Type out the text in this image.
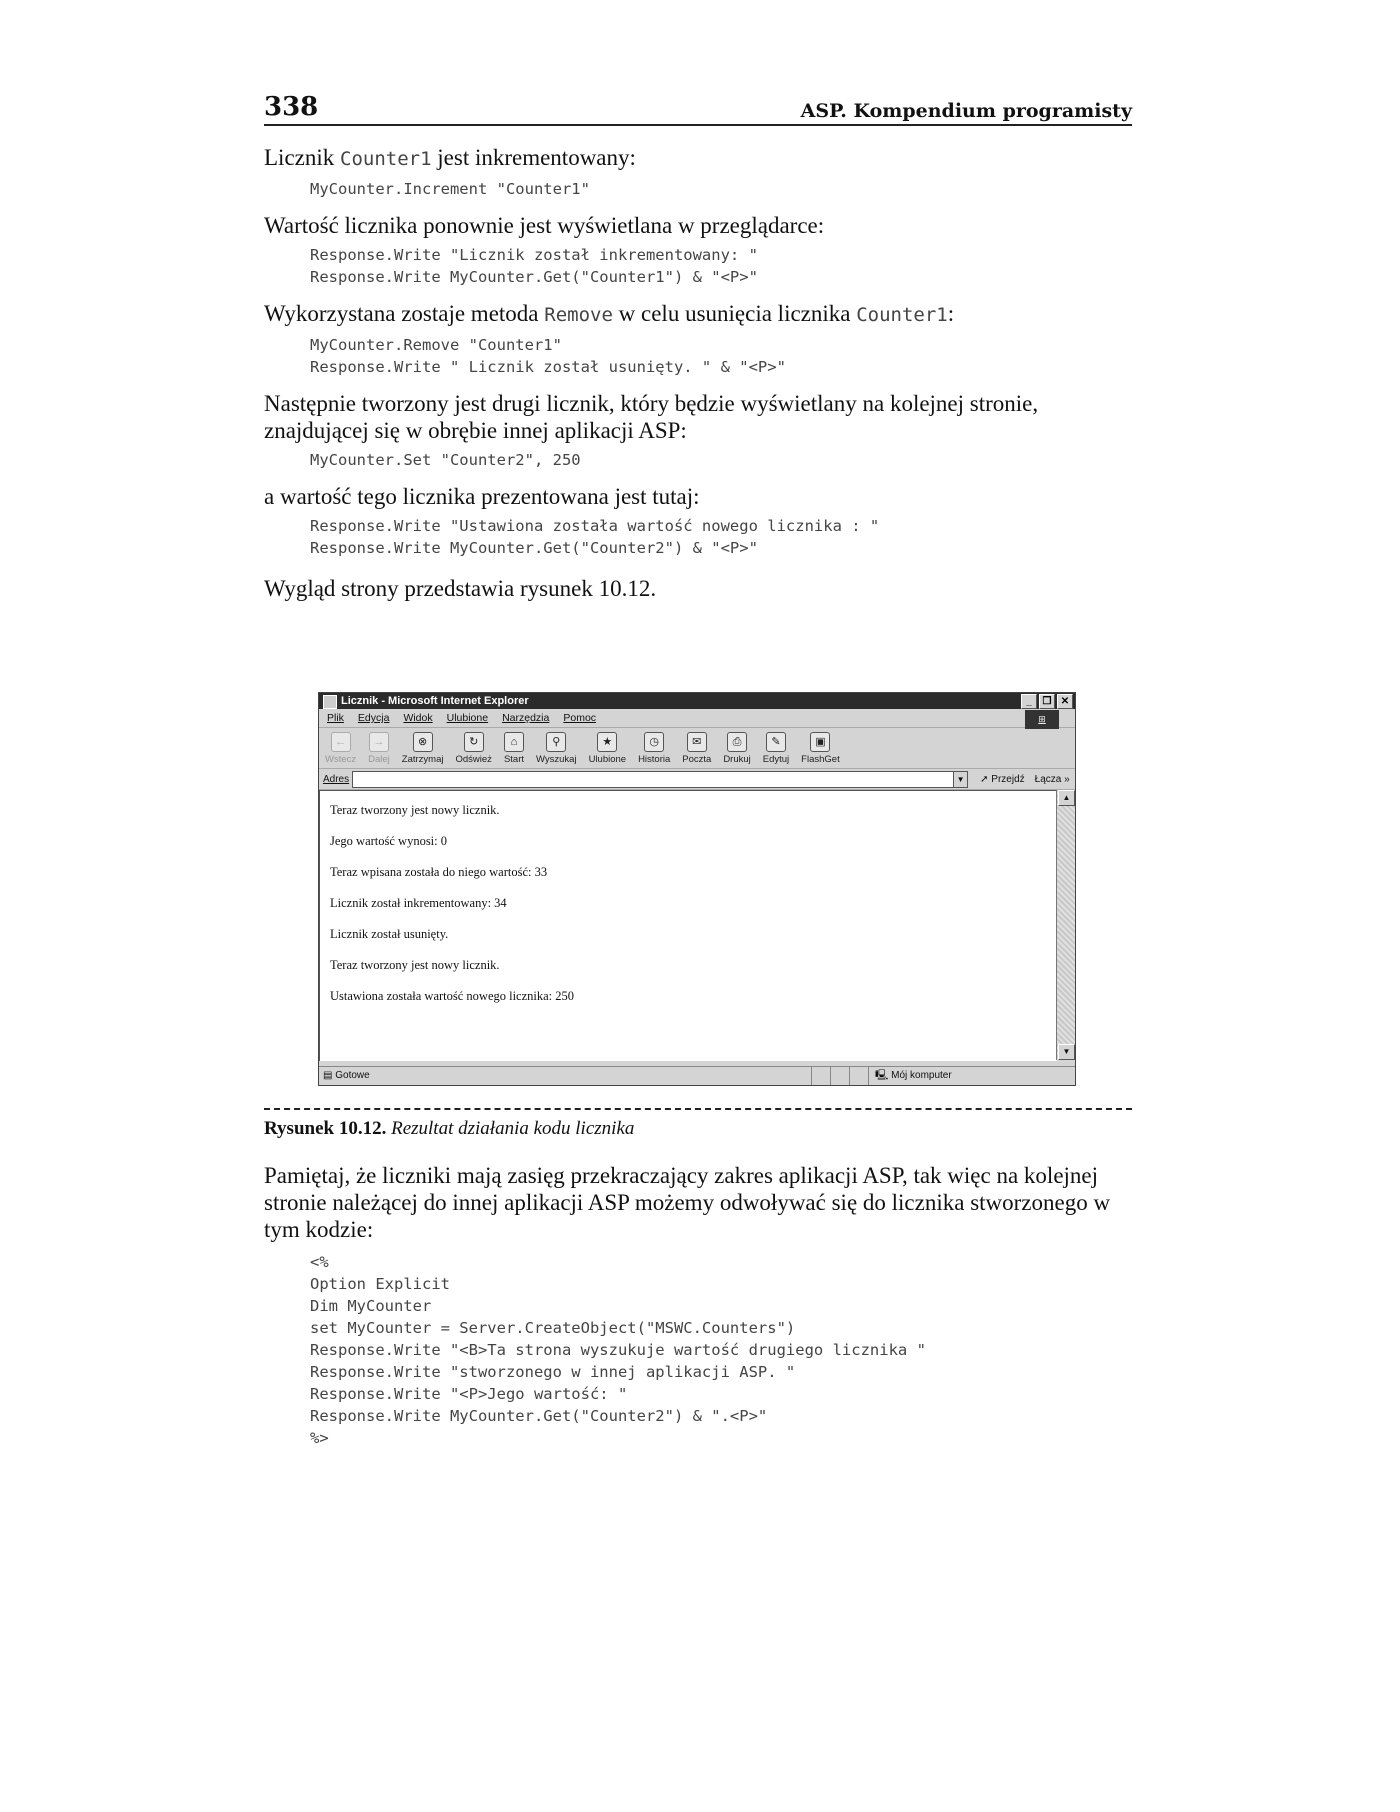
338	ASP. Kompendium programisty

Licznik Counter1 jest inkrementowany:

MyCounter.Increment "Counter1"

Wartość licznika ponownie jest wyświetlana w przeglądarce:

Response.Write "Licznik został inkrementowany: "
Response.Write MyCounter.Get("Counter1") & "<P>"

Wykorzystana zostaje metoda Remove w celu usunięcia licznika Counter1:

MyCounter.Remove "Counter1"
Response.Write " Licznik został usunięty. " & "<P>"

Następnie tworzony jest drugi licznik, który będzie wyświetlany na kolejnej stronie, znajdującej się w obrębie innej aplikacji ASP:

MyCounter.Set "Counter2", 250

a wartość tego licznika prezentowana jest tutaj:

Response.Write "Ustawiona została wartość nowego licznika : "
Response.Write MyCounter.Get("Counter2") & "<P>"

Wygląd strony przedstawia rysunek 10.12.

Licznik - Microsoft Internet Explorer	_	❐ ✕
Plik Edycja Widok Ulubione Narzędzia Pomoc	⊞
←
Wstecz
→
Dalej
⊗
Zatrzymaj
↻
Odśwież
⌂
Start
⚲
Wyszukaj
★
Ulubione
◷
Historia
✉
Poczta
⎙
Drukuj
✎
Edytuj
▣
FlashGet
Adres	▼	➚ Przejdź Łącza »

Teraz tworzony jest nowy licznik.

Jego wartość wynosi: 0

Teraz wpisana została do niego wartość: 33

Licznik został inkrementowany: 34

Licznik został usunięty.

Teraz tworzony jest nowy licznik.

Ustawiona została wartość nowego licznika: 250

▲
▼
▤ Gotowe	🖳 Mój komputer
Rysunek 10.12. Rezultat działania kodu licznika

Pamiętaj, że liczniki mają zasięg przekraczający zakres aplikacji ASP, tak więc na kolejnej stronie należącej do innej aplikacji ASP możemy odwoływać się do licznika stworzonego w tym kodzie:

<%
Option Explicit
Dim MyCounter
set MyCounter = Server.CreateObject("MSWC.Counters")
Response.Write "<B>Ta strona wyszukuje wartość drugiego licznika "
Response.Write "stworzonego w innej aplikacji ASP. "
Response.Write "<P>Jego wartość: "
Response.Write MyCounter.Get("Counter2") & ".<P>"
%>
